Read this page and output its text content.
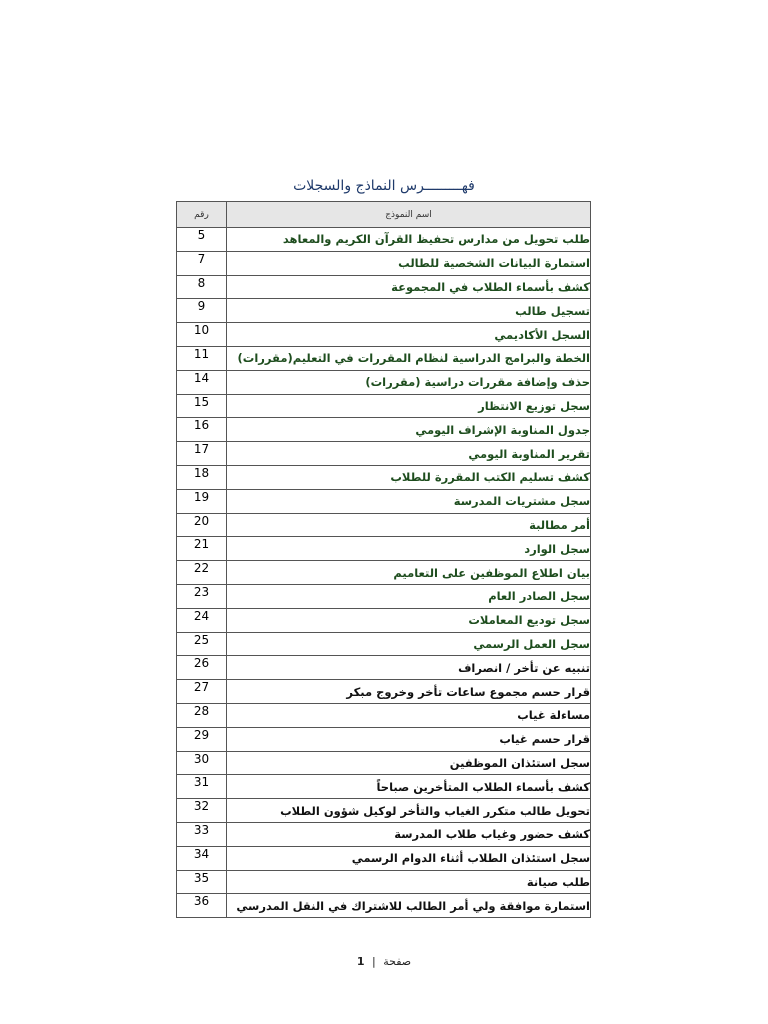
فهـــــــــرس النماذج والسجلات
رقم	اسم النموذج
5	طلب تحويل من مدارس تحفيظ القرآن الكريم والمعاهد
7	استمارة البيانات الشخصية للطالب
8	كشف بأسماء الطلاب في المجموعة
9	تسجيل طالب
10	السجل الأكاديمي
11	الخطة والبرامج الدراسية لنظام المقررات في التعليم(مقررات)
14	حذف وإضافة مقررات دراسية (مقررات)
15	سجل توزيع الانتظار
16	جدول المناوبة الإشراف اليومي
17	تقرير المناوبة اليومي
18	كشف تسليم الكتب المقررة للطلاب
19	سجل مشتريات المدرسة
20	أمر مطالبة
21	سجل الوارد
22	بيان اطلاع الموظفين على التعاميم
23	سجل الصادر العام
24	سجل توديع المعاملات
25	سجل العمل الرسمي
26	تنبيه عن تأخر / انصراف
27	قرار حسم مجموع ساعات تأخر وخروج مبكر
28	مساءلة غياب
29	قرار حسم غياب
30	سجل استئذان الموظفين
31	كشف بأسماء الطلاب المتأخرين صباحاً
32	تحويل طالب متكرر الغياب والتأخر لوكيل شؤون الطلاب
33	كشف حضور وغياب طلاب المدرسة
34	سجل استئذان الطلاب أثناء الدوام الرسمي
35	طلب صيانة
36	استمارة موافقة ولي أمر الطالب للاشتراك في النقل المدرسي
صفحة | 1
